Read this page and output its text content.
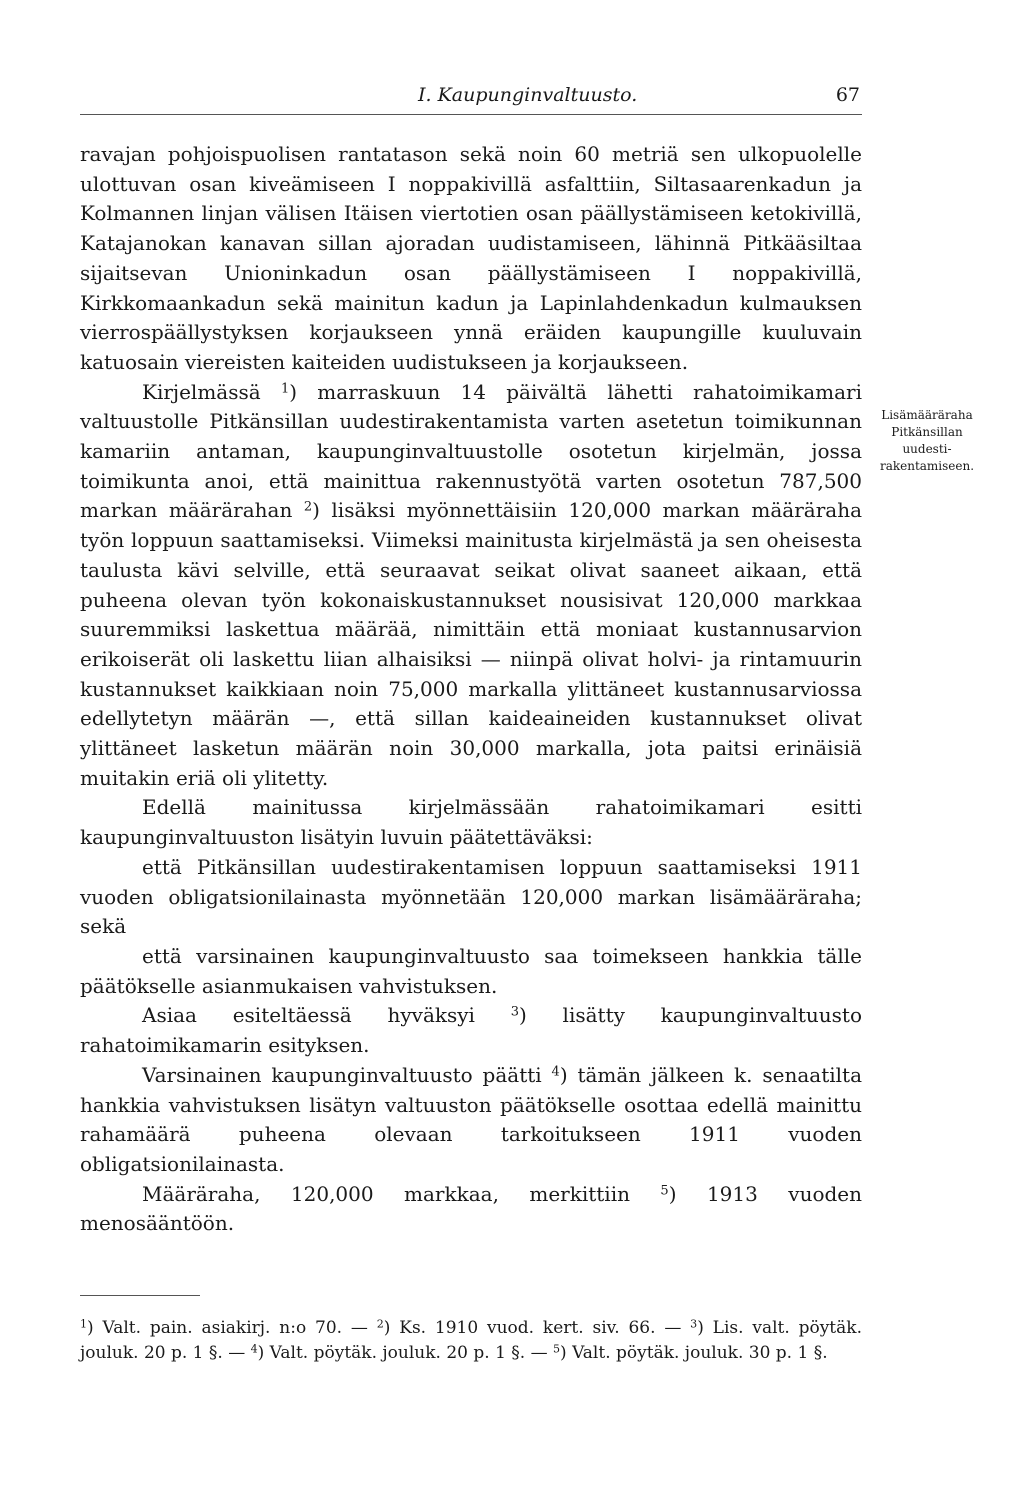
I. Kaupunginvaltuusto.	67

ravajan pohjoispuolisen rantatason sekä noin 60 metriä sen ulkopuolelle ulottuvan osan kiveämiseen I noppakivillä asfalttiin, Siltasaarenkadun ja Kolmannen linjan välisen Itäisen viertotien osan päällystämiseen ketokivillä, Katajanokan kanavan sillan ajoradan uudistamiseen, lähinnä Pitkääsiltaa sijaitsevan Unioninkadun osan päällystämiseen I noppakivillä, Kirkkomaankadun sekä mainitun kadun ja Lapinlahdenkadun kulmauksen vierrospäällystyksen korjaukseen ynnä eräiden kaupungille kuuluvain katuosain viereisten kaiteiden uudistukseen ja korjaukseen.

Kirjelmässä $^1$) marraskuun 14 päivältä lähetti rahatoimikamari valtuustolle Pitkänsillan uudestirakentamista varten asetetun toimikunnan kamariin antaman, kaupunginvaltuustolle osotetun kirjelmän, jossa toimikunta anoi, että mainittua rakennustyötä varten osotetun 787,500 markan määrärahan $^2$) lisäksi myönnettäisiin 120,000 markan määräraha työn loppuun saattamiseksi. Viimeksi mainitusta kirjelmästä ja sen oheisesta taulusta kävi selville, että seuraavat seikat olivat saaneet aikaan, että puheena olevan työn kokonaiskustannukset nousisivat 120,000 markkaa suuremmiksi laskettua määrää, nimittäin että moniaat kustannusarvion erikoiserät oli laskettu liian alhaisiksi — niinpä olivat holvi- ja rintamuurin kustannukset kaikkiaan noin 75,000 markalla ylittäneet kustannusarviossa edellytetyn määrän —, että sillan kaideaineiden kustannukset olivat ylittäneet lasketun määrän noin 30,000 markalla, jota paitsi erinäisiä muitakin eriä oli ylitetty.

Edellä mainitussa kirjelmässään rahatoimikamari esitti kaupunginvaltuuston lisätyin luvuin päätettäväksi:

että Pitkänsillan uudestirakentamisen loppuun saattamiseksi 1911 vuoden obligatsionilainasta myönnetään 120,000 markan lisämääräraha; sekä

että varsinainen kaupunginvaltuusto saa toimekseen hankkia tälle päätökselle asianmukaisen vahvistuksen.

Asiaa esiteltäessä hyväksyi $^3$) lisätty kaupunginvaltuusto rahatoimikamarin esityksen.

Varsinainen kaupunginvaltuusto päätti $^4$) tämän jälkeen k. senaatilta hankkia vahvistuksen lisätyn valtuuston päätökselle osottaa edellä mainittu rahamäärä puheena olevaan tarkoitukseen 1911 vuoden obligatsionilainasta.

Määräraha, 120,000 markkaa, merkittiin $^5$) 1913 vuoden menosääntöön.

Lisämääräraha
Pitkänsillan
uudesti-
rakentamiseen.
$^1$) Valt. pain. asiakirj. n:o 70. — $^2$) Ks. 1910 vuod. kert. siv. 66. — $^3$) Lis. valt. pöytäk. jouluk. 20 p. 1 §. — $^4$) Valt. pöytäk. jouluk. 20 p. 1 §. — $^5$) Valt. pöytäk. jouluk. 30 p. 1 §.
